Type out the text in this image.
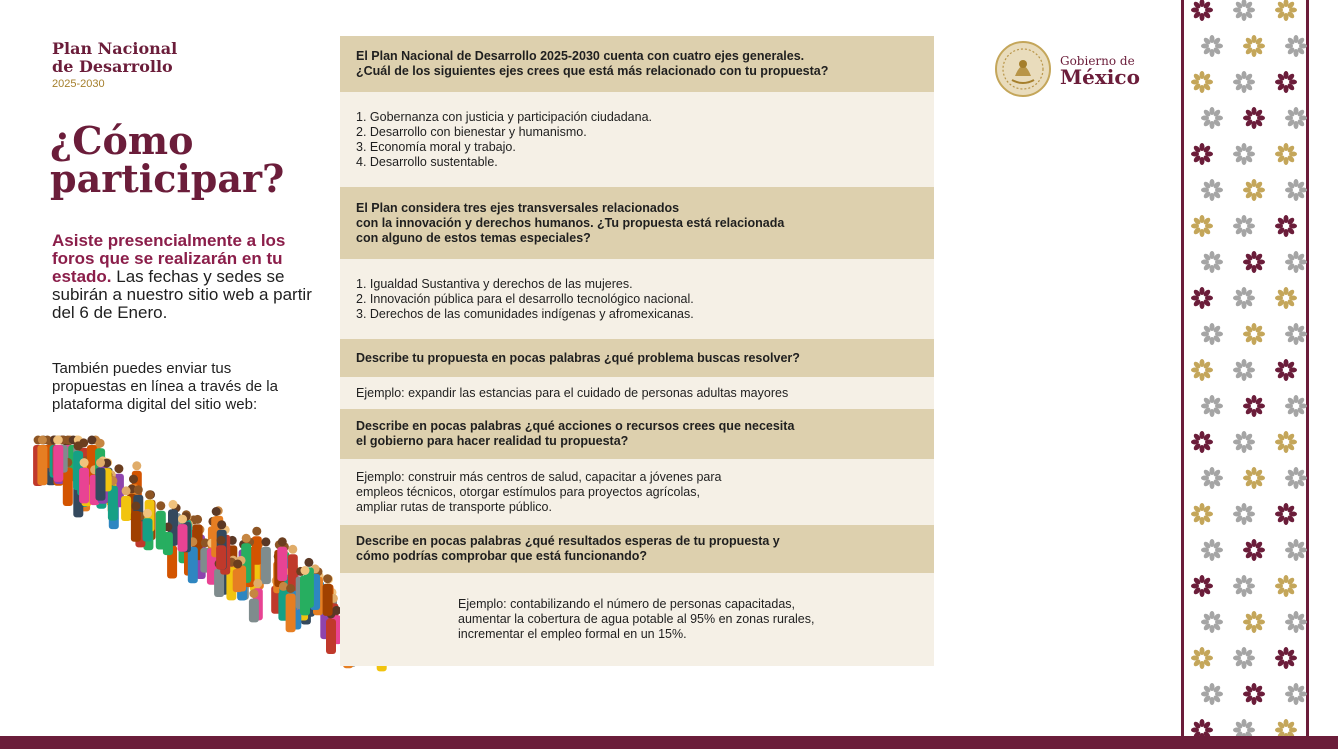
Plan Nacional
de Desarrollo
2025-2030
¿Cómo
participar?
Asiste presencialmente a los foros que se realizarán en tu estado. Las fechas y sedes se subirán a nuestro sitio web a partir del 6 de Enero.
También puedes enviar tus propuestas en línea a través de la plataforma digital del sitio web:
El Plan Nacional de Desarrollo 2025-2030 cuenta con cuatro ejes generales.
¿Cuál de los siguientes ejes crees que está más relacionado con tu propuesta?
1. Gobernanza con justicia y participación ciudadana.
2. Desarrollo con bienestar y humanismo.
3. Economía moral y trabajo.
4. Desarrollo sustentable.
El Plan considera tres ejes transversales relacionados
con la innovación y derechos humanos. ¿Tu propuesta está relacionada
con alguno de estos temas especiales?
1. Igualdad Sustantiva y derechos de las mujeres.
2. Innovación pública para el desarrollo tecnológico nacional.
3. Derechos de las comunidades indígenas y afromexicanas.
Describe tu propuesta en pocas palabras ¿qué problema buscas resolver?
Ejemplo: expandir las estancias para el cuidado de personas adultas mayores
Describe en pocas palabras ¿qué acciones o recursos crees que necesita
el gobierno para hacer realidad tu propuesta?
Ejemplo: construir más centros de salud, capacitar a jóvenes para
empleos técnicos, otorgar estímulos para proyectos agrícolas,
ampliar rutas de transporte público.
Describe en pocas palabras ¿qué resultados esperas de tu propuesta y
cómo podrías comprobar que está funcionando?
Ejemplo: contabilizando el número de personas capacitadas,
aumentar la cobertura de agua potable al 95% en zonas rurales,
incrementar el empleo formal en un 15%.
Gobierno de
México
